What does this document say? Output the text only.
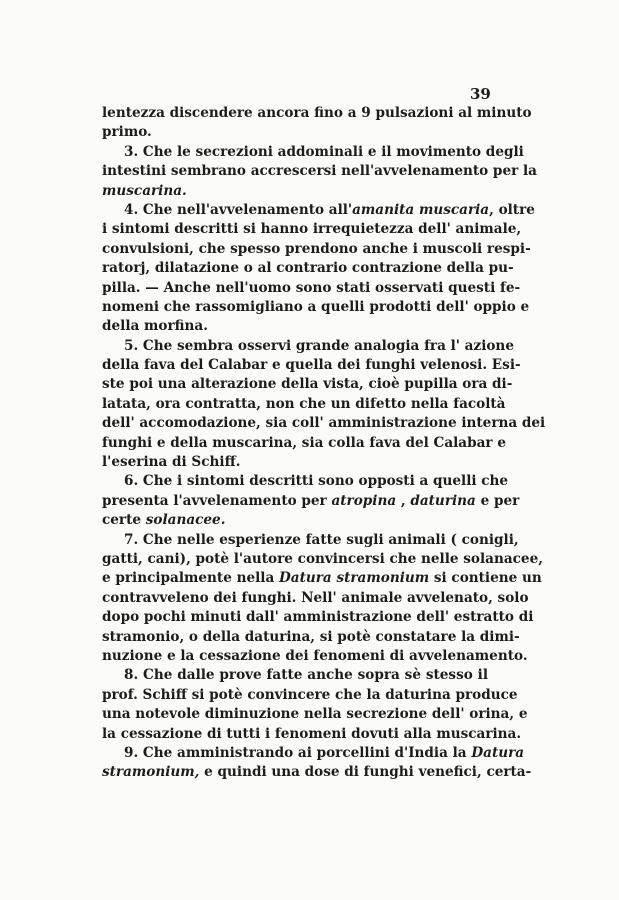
39
lentezza discendere ancora fino a 9 pulsazioni al minuto
primo.
3. Che le secrezioni addominali e il movimento degli
intestini sembrano accrescersi nell'avvelenamento per la
muscarina.
4. Che nell'avvelenamento all'amanita muscaria, oltre
i sintomi descritti si hanno irrequietezza dell' animale,
convulsioni, che spesso prendono anche i muscoli respi-
ratorj, dilatazione o al contrario contrazione della pu-
pilla. — Anche nell'uomo sono stati osservati questi fe-
nomeni che rassomigliano a quelli prodotti dell' oppio e
della morfina.
5. Che sembra osservi grande analogia fra l' azione
della fava del Calabar e quella dei funghi velenosi. Esi-
ste poi una alterazione della vista, cioè pupilla ora di-
latata, ora contratta, non che un difetto nella facoltà
dell' accomodazione, sia coll' amministrazione interna dei
funghi e della muscarina, sia colla fava del Calabar e
l'eserina di Schiff.
6. Che i sintomi descritti sono opposti a quelli che
presenta l'avvelenamento per atropina , daturina e per
certe solanacee.
7. Che nelle esperienze fatte sugli animali ( conigli,
gatti, cani), potè l'autore convincersi che nelle solanacee,
e principalmente nella Datura stramonium si contiene un
contravveleno dei funghi. Nell' animale avvelenato, solo
dopo pochi minuti dall' amministrazione dell' estratto di
stramonio, o della daturina, si potè constatare la dimi-
nuzione e la cessazione dei fenomeni di avvelenamento.
8. Che dalle prove fatte anche sopra sè stesso il
prof. Schiff si potè convincere che la daturina produce
una notevole diminuzione nella secrezione dell' orina, e
la cessazione di tutti i fenomeni dovuti alla muscarina.
9. Che amministrando ai porcellini d'India la Datura
stramonium, e quindi una dose di funghi venefici, certa-
